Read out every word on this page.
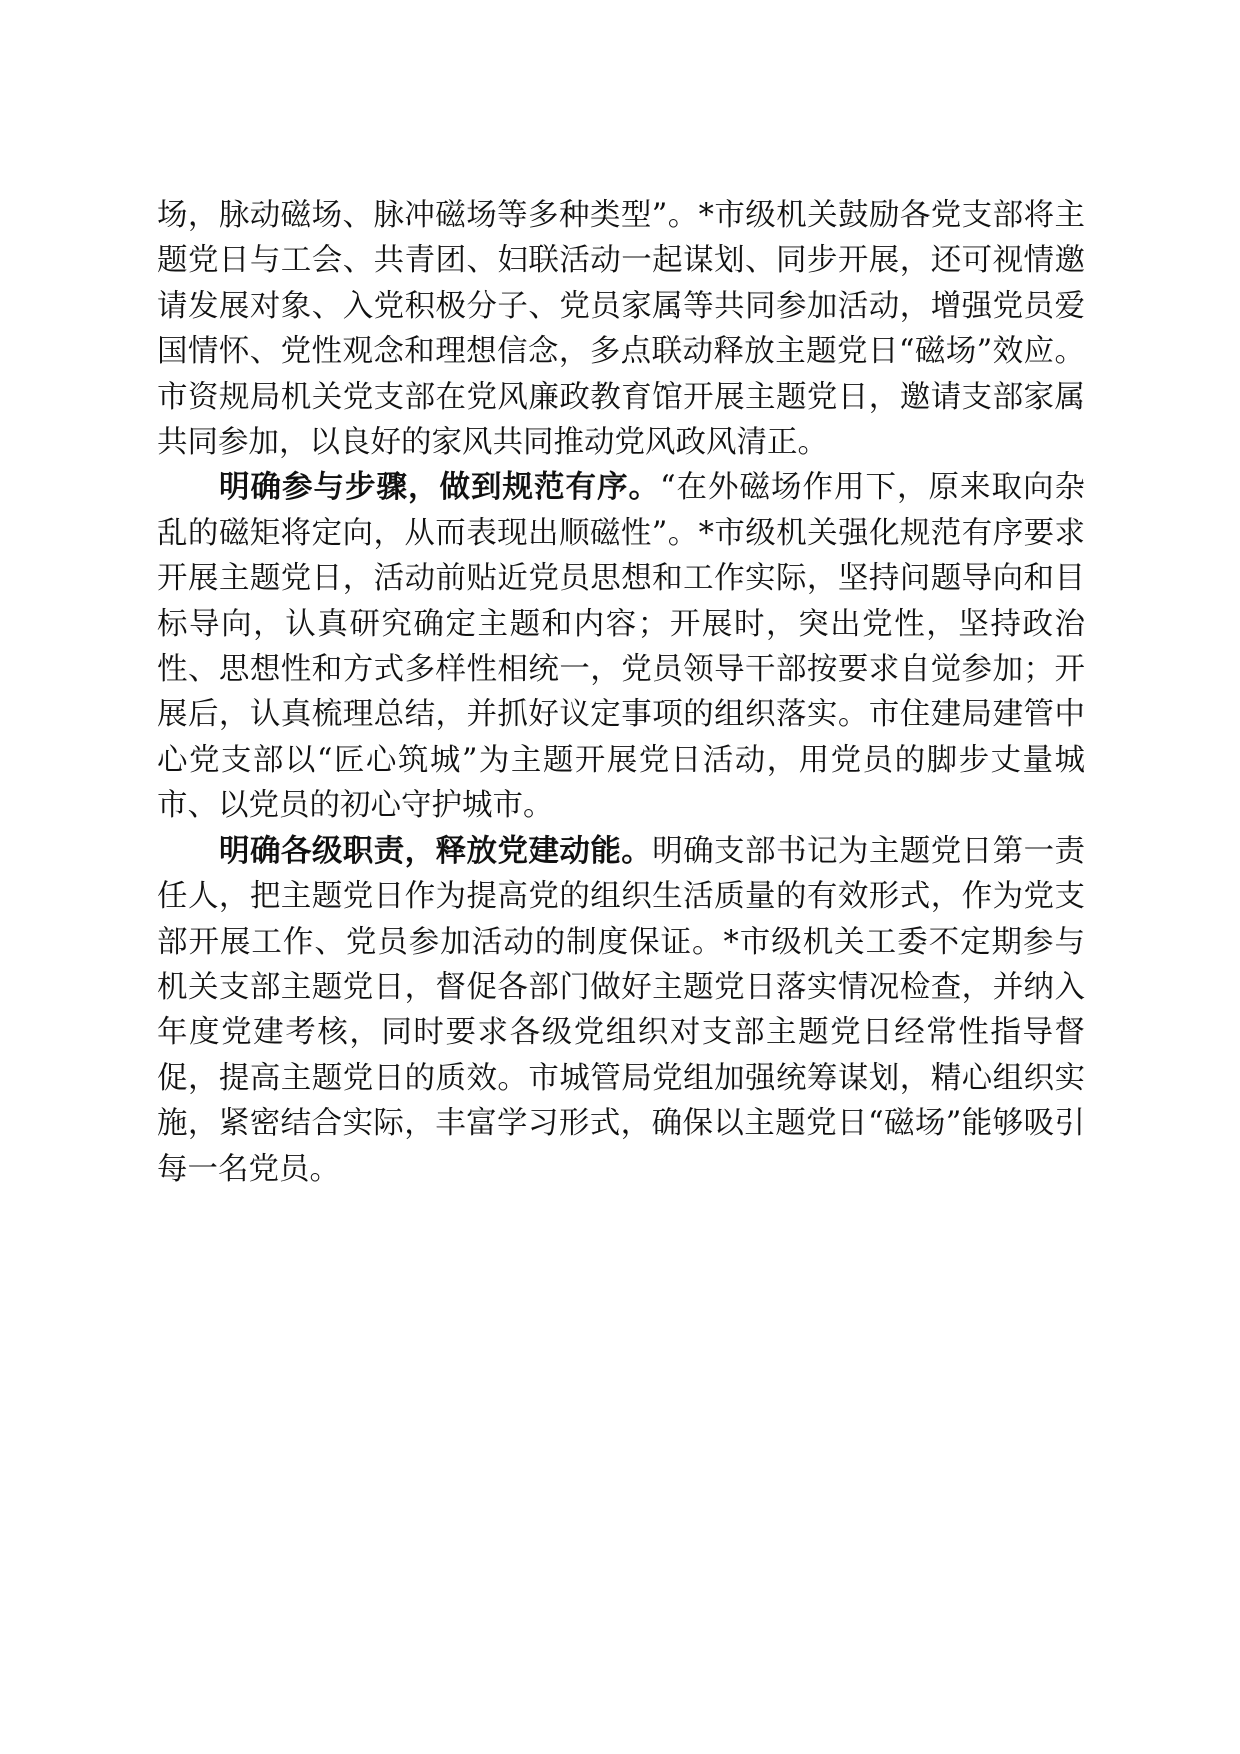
场，脉动磁场、脉冲磁场等多种类型”。*市级机关鼓励各党支部将主题党日与工会、共青团、妇联活动一起谋划、同步开展，还可视情邀请发展对象、入党积极分子、党员家属等共同参加活动，增强党员爱国情怀、党性观念和理想信念，多点联动释放主题党日“磁场”效应。市资规局机关党支部在党风廉政教育馆开展主题党日，邀请支部家属共同参加，以良好的家风共同推动党风政风清正。

明确参与步骤，做到规范有序。“在外磁场作用下，原来取向杂乱的磁矩将定向，从而表现出顺磁性”。*市级机关强化规范有序要求开展主题党日，活动前贴近党员思想和工作实际，坚持问题导向和目标导向，认真研究确定主题和内容；开展时，突出党性，坚持政治性、思想性和方式多样性相统一，党员领导干部按要求自觉参加；开展后，认真梳理总结，并抓好议定事项的组织落实。市住建局建管中心党支部以“匠心筑城”为主题开展党日活动，用党员的脚步丈量城市、以党员的初心守护城市。

明确各级职责，释放党建动能。明确支部书记为主题党日第一责任人，把主题党日作为提高党的组织生活质量的有效形式，作为党支部开展工作、党员参加活动的制度保证。*市级机关工委不定期参与机关支部主题党日，督促各部门做好主题党日落实情况检查，并纳入年度党建考核，同时要求各级党组织对支部主题党日经常性指导督促，提高主题党日的质效。市城管局党组加强统筹谋划，精心组织实施，紧密结合实际，丰富学习形式，确保以主题党日“磁场”能够吸引每一名党员。
